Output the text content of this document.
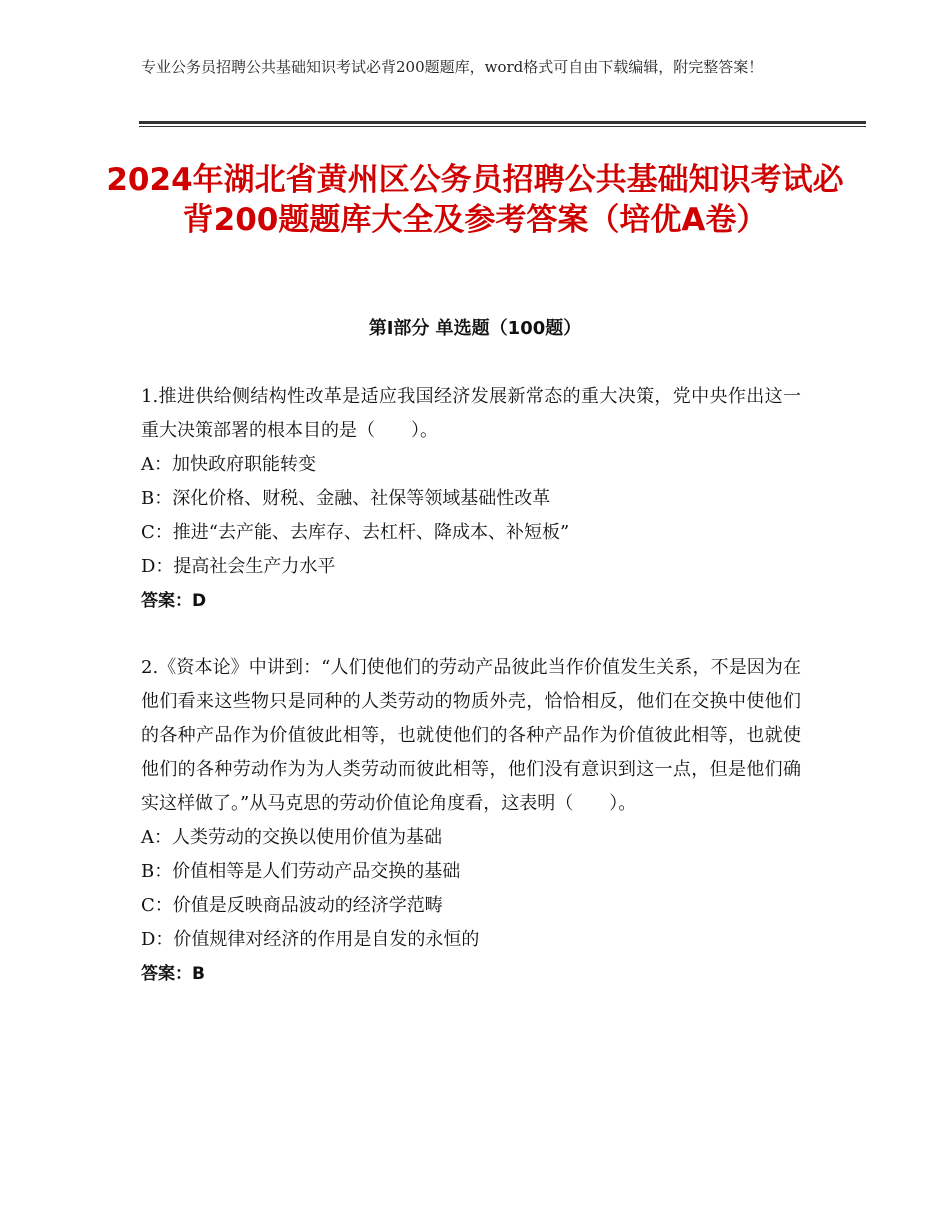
专业公务员招聘公共基础知识考试必背200题题库，word格式可自由下载编辑，附完整答案！
2024年湖北省黄州区公务员招聘公共基础知识考试必背200题题库大全及参考答案（培优A卷）
第Ⅰ部分 单选题（100题）

1.推进供给侧结构性改革是适应我国经济发展新常态的重大决策，党中央作出这一重大决策部署的根本目的是（　　）。

A：加快政府职能转变

B：深化价格、财税、金融、社保等领域基础性改革

C：推进“去产能、去库存、去杠杆、降成本、补短板”

D：提高社会生产力水平

答案：D

2.《资本论》中讲到：“人们使他们的劳动产品彼此当作价值发生关系，不是因为在他们看来这些物只是同种的人类劳动的物质外壳，恰恰相反，他们在交换中使他们的各种产品作为价值彼此相等，也就使他们的各种产品作为价值彼此相等，也就使他们的各种劳动作为为人类劳动而彼此相等，他们没有意识到这一点，但是他们确实这样做了。”从马克思的劳动价值论角度看，这表明（　　）。

A：人类劳动的交换以使用价值为基础

B：价值相等是人们劳动产品交换的基础

C：价值是反映商品波动的经济学范畴

D：价值规律对经济的作用是自发的永恒的

答案：B
